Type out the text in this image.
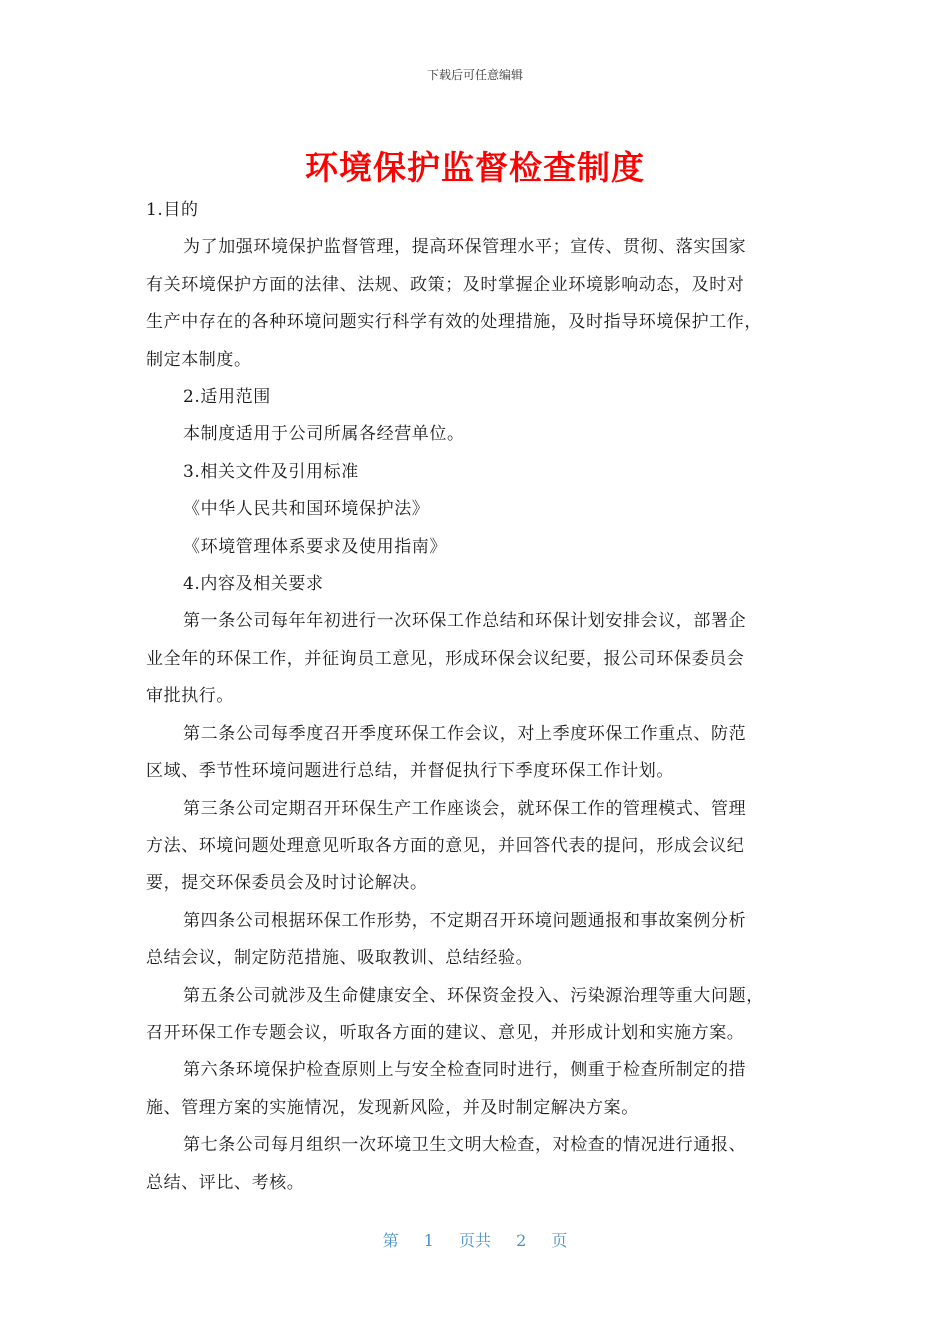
下载后可任意编辑
环境保护监督检查制度

1.目的

为了加强环境保护监督管理，提高环保管理水平；宣传、贯彻、落实国家

有关环境保护方面的法律、法规、政策；及时掌握企业环境影响动态，及时对

生产中存在的各种环境问题实行科学有效的处理措施，及时指导环境保护工作，

制定本制度。

2.适用范围

本制度适用于公司所属各经营单位。

3.相关文件及引用标准

《中华人民共和国环境保护法》

《环境管理体系要求及使用指南》

4.内容及相关要求

第一条公司每年年初进行一次环保工作总结和环保计划安排会议，部署企

业全年的环保工作，并征询员工意见，形成环保会议纪要，报公司环保委员会

审批执行。

第二条公司每季度召开季度环保工作会议，对上季度环保工作重点、防范

区域、季节性环境问题进行总结，并督促执行下季度环保工作计划。

第三条公司定期召开环保生产工作座谈会，就环保工作的管理模式、管理

方法、环境问题处理意见听取各方面的意见，并回答代表的提问，形成会议纪

要，提交环保委员会及时讨论解决。

第四条公司根据环保工作形势，不定期召开环境问题通报和事故案例分析

总结会议，制定防范措施、吸取教训、总结经验。

第五条公司就涉及生命健康安全、环保资金投入、污染源治理等重大问题，

召开环保工作专题会议，听取各方面的建议、意见，并形成计划和实施方案。

第六条环境保护检查原则上与安全检查同时进行，侧重于检查所制定的措

施、管理方案的实施情况，发现新风险，并及时制定解决方案。

第七条公司每月组织一次环境卫生文明大检查，对检查的情况进行通报、

总结、评比、考核。

第 1 页共 2 页
